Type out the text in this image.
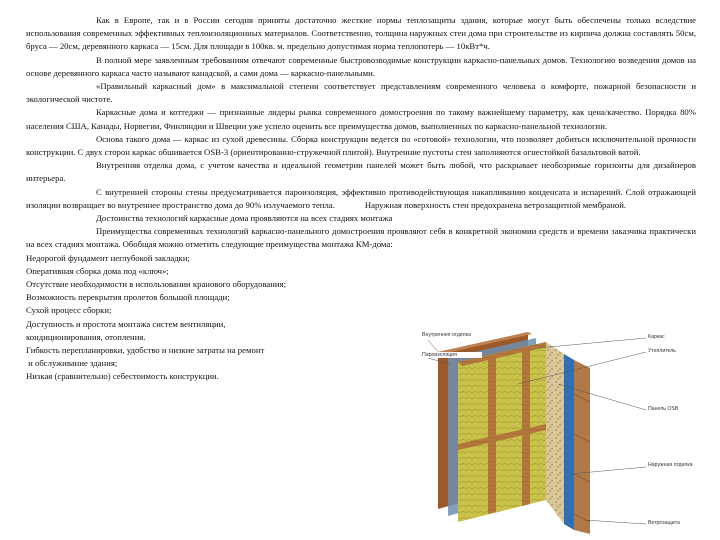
Как в Европе, так и в России сегодня приняты достаточно жесткие нормы теплозащиты здания, которые могут быть обеспечены только вследствие использования современных эффективных теплоизоляционных материалов. Соответственно, толщина наружных стен дома при строительстве из кирпича должна составлять 50см, бруса — 20см, деревянного каркаса — 15см. Для площади в 100кв. м. предельно допустимая норма теплопотерь — 10кВт*ч.

В полной мере заявленным требованиям отвечают современные быстровозводимые конструкции каркасно-панельных домов. Технологию возведения домов на основе деревянного каркаса часто называют канадской, а сами дома — каркасно-панельными.

«Правильный каркасный дом» в максимальной степени соответствует представлениям современного человека о комфорте, пожарной безопасности и экологической чистоте.

Каркасные дома и коттеджи — признанные лидеры рынка современного домостроения по такому важнейшему параметру, как цена/качество. Порядка 80% населения США, Канады, Норвегии, Финляндии и Швеции уже успело оценить все преимущества домов, выполненных по каркасно-панельной технологии.

Основа такого дома — каркас из сухой древесины. Сборка конструкции ведется по «сотовой» технологии, что позволяет добиться исключительной прочности конструкции. С двух сторон каркас обшивается OSB-3 (ориентированно-стружечной плитой). Внутренние пустоты стен заполняются огнестойкой базальтовой ватой.

Внутренняя отделка дома, с учетом качества и идеальной геометрии панелей может быть любой, что раскрывает необозримые горизонты для дизайнеров интерьера.

С внутренней стороны стены предусматривается пароизоляция, эффективно противодействующая накапливанию конденсата и испарений. Слой отражающей изоляции возвращает во внутреннее пространство дома до 90% излучаемого тепла.	Наружная поверхность стен предохранена ветрозащитной мембраной.

Достоинства технологий каркасные дома проявляются на всех стадиях монтажа

Преимущества современных технологий каркасно-панельного домостроения проявляют себя в конкретной экономии средств и времени заказчика практически на всех стадиях монтажа. Обобщая можно отметить следующие преимущества монтажа КМ-дома:

Недорогой фундамент неглубокой закладки;

Оперативная сборка дома под «ключ»;

Отсутствие необходимости в использовании кранового оборудования;

Возможность перекрытия пролетов большой площади;

Сухой процесс сборки;

Доступность и простота монтажа систем вентиляции,

кондиционирования, отопления.

Гибкость перепланировки, удобство и низкие затраты на ремонт

и обслуживание здания;

Низкая (сравнительно) себестоимость конструкции.

Внутренняя отделка
Пароизоляция
Каркас
Утеплитель
Панель OSB
Наружная отделка
Ветрозащита
